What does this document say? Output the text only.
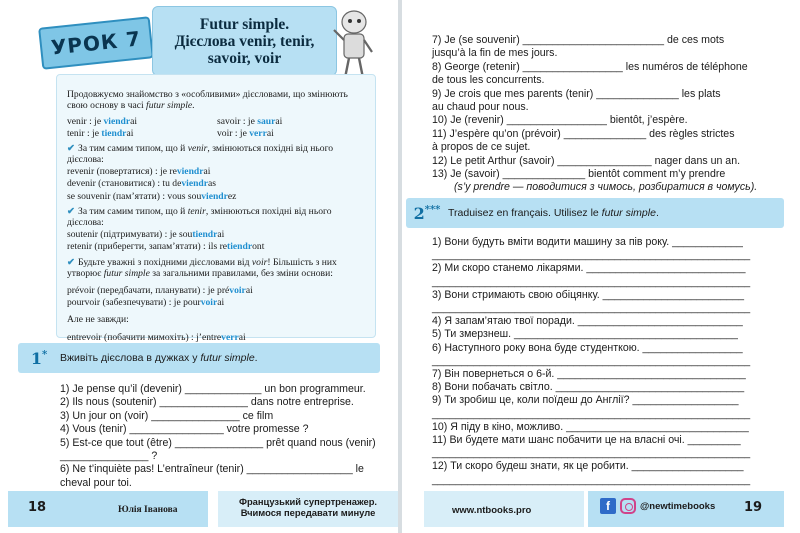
УРОК 7
Futur simple.
Дієслова venir, tenir,
savoir, voir

Продовжуємо знайомство з «особливими» дієсловами, що змінюють свою основу в часі futur simple.

venir : je viendrai	savoir : je saurai
tenir : je tiendrai	voir : je verrai

✔ За тим самим типом, що й venir, змінюються похідні від нього дієслова:

revenir (повертатися) : je reviendrai

devenir (становитися) : tu deviendras

se souvenir (пам’ятати) : vous souviendrez

✔ За тим самим типом, що й tenir, змінюються похідні від нього дієслова:

soutenir (підтримувати) : je soutiendrai

retenir (приберегти, запам’ятати) : ils retiendront

✔ Будьте уважні з похідними дієсловами від voir! Більшість з них утворює futur simple за загальними правилами, без зміни основи:

prévoir (передбачати, планувати) : je prévoirai

pourvoir (забезпечувати) : je pourvoirai

Але не завжди:

entrevoir (побачити мимохіть) : j’entreverrai

1*	Вживіть дієслова в дужках у futur simple.
1) Je pense qu’il (devenir) _____________ un bon programmeur.
2) Ils nous (soutenir) _______________ dans notre entreprise.
3) Un jour on (voir) _______________ ce film
4) Vous (tenir) ________________ votre promesse ?
5) Est-ce que tout (être) _______________ prêt quand nous (venir)
_______________ ?
6) Ne t’inquiète pas! L’entraîneur (tenir) __________________ le
cheval pour toi.
18	Юлія Іванова
Французький супертренажер.
Вчимося передавати минуле
7) Je (se souvenir) ________________________ de ces mots
jusqu’à la fin de mes jours.
8) George (retenir) _________________ les numéros de téléphone
de tous les concurrents.
9) Je crois que mes parents (tenir) ______________ les plats
au chaud pour nous.
10) Je (revenir) _________________ bientôt, j’espère.
11) J’espère qu’on (prévoir) ______________ des règles strictes
à propos de ce sujet.
12) Le petit Arthur (savoir) ________________ nager dans un an.
13) Je (savoir) ______________ bientôt comment m’y prendre
(s’y prendre — поводитися з чимось, розбиратися в чомусь).
2*** Traduisez en français. Utilisez le futur simple.
1) Вони будуть вміти водити машину за пів року. ____________
______________________________________________________
2) Ми скоро станемо лікарями. ___________________________
______________________________________________________
3) Вони стримають свою обіцянку. ________________________
______________________________________________________
4) Я запам’ятаю твої поради. ____________________________
5) Ти змерзнеш. ______________________________________
6) Наступного року вона буде студенткою. _________________
______________________________________________________
7) Він повернеться о 6-й. ________________________________
8) Вони побачать світло. ________________________________
9) Ти зробиш це, коли поїдеш до Англії? __________________
______________________________________________________
10) Я піду в кіно, можливо. _______________________________
11) Ви будете мати шанс побачити це на власні очі. _________
______________________________________________________
12) Ти скоро будеш знати, як це робити. ___________________
______________________________________________________
www.ntbooks.pro	f	@newtimebooks 19
